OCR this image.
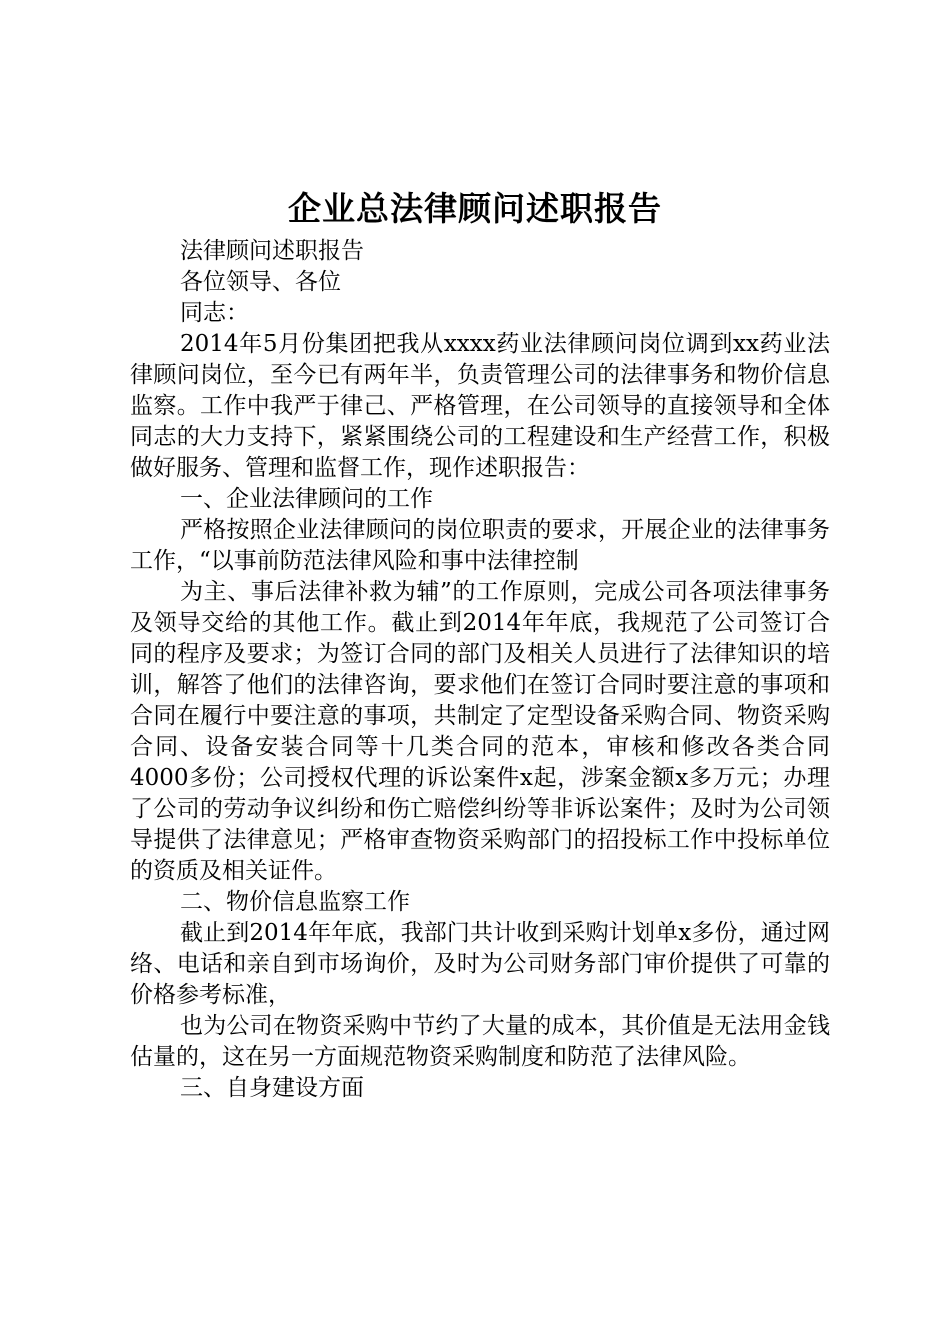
企业总法律顾问述职报告

法律顾问述职报告

各位领导、各位

同志：

2014年5月份集团把我从xxxx药业法律顾问岗位调到xx药业法律顾问岗位，至今已有两年半，负责管理公司的法律事务和物价信息监察。工作中我严于律己、严格管理，在公司领导的直接领导和全体同志的大力支持下，紧紧围绕公司的工程建设和生产经营工作，积极做好服务、管理和监督工作，现作述职报告：

一、企业法律顾问的工作

严格按照企业法律顾问的岗位职责的要求，开展企业的法律事务工作，“以事前防范法律风险和事中法律控制

为主、事后法律补救为辅”的工作原则，完成公司各项法律事务及领导交给的其他工作。截止到2014年年底，我规范了公司签订合同的程序及要求；为签订合同的部门及相关人员进行了法律知识的培训，解答了他们的法律咨询，要求他们在签订合同时要注意的事项和合同在履行中要注意的事项，共制定了定型设备采购合同、物资采购合同、设备安装合同等十几类合同的范本，审核和修改各类合同4000多份；公司授权代理的诉讼案件x起，涉案金额x多万元；办理了公司的劳动争议纠纷和伤亡赔偿纠纷等非诉讼案件；及时为公司领导提供了法律意见；严格审查物资采购部门的招投标工作中投标单位的资质及相关证件。

二、物价信息监察工作

截止到2014年年底，我部门共计收到采购计划单x多份，通过网络、电话和亲自到市场询价，及时为公司财务部门审价提供了可靠的价格参考标准，

也为公司在物资采购中节约了大量的成本，其价值是无法用金钱估量的，这在另一方面规范物资采购制度和防范了法律风险。

三、自身建设方面
